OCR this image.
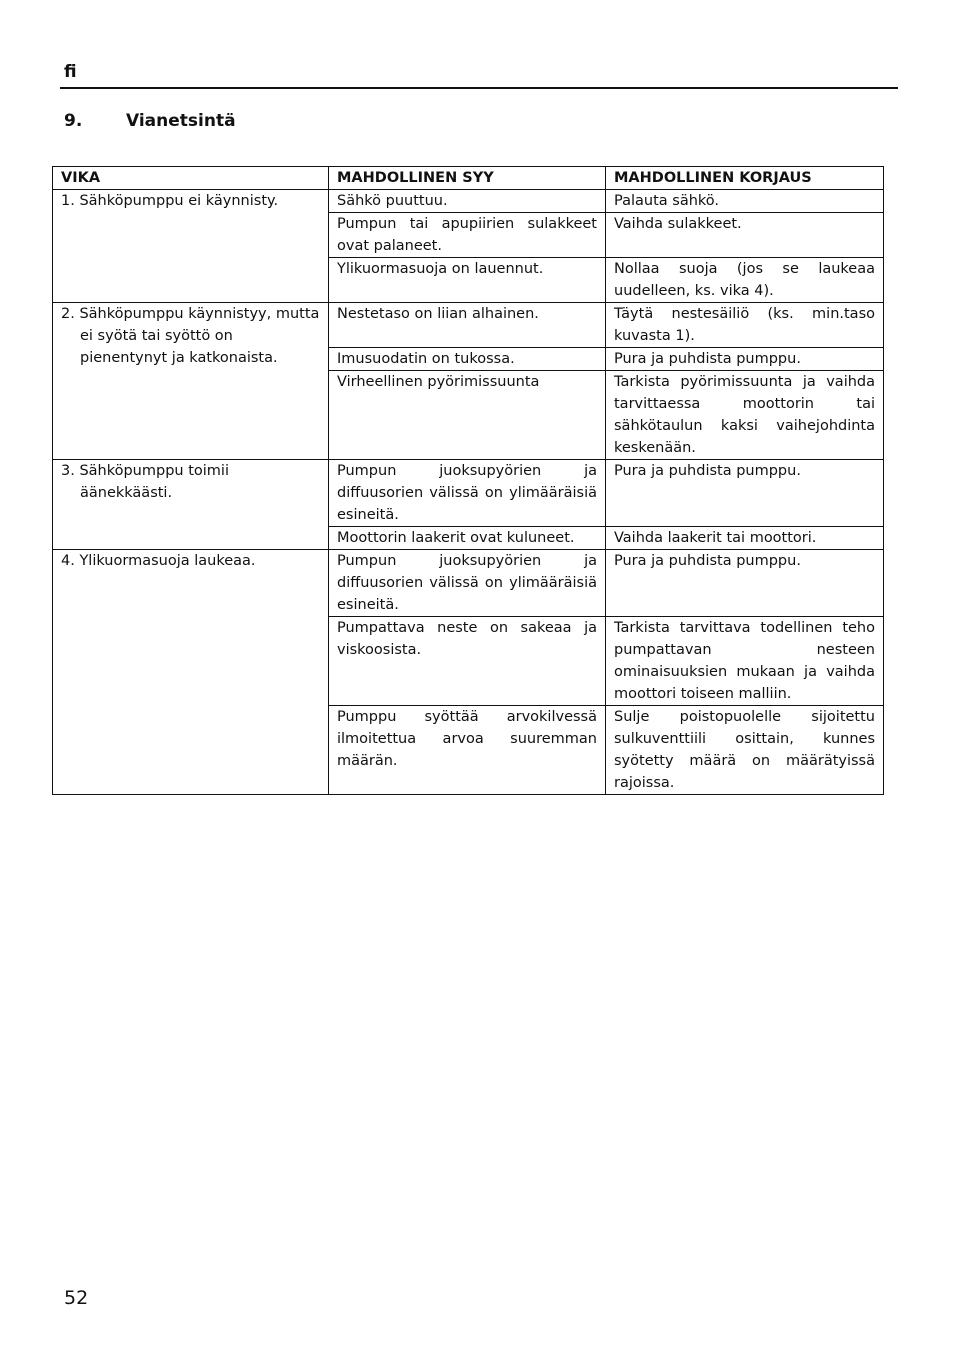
fi
9.	Vianetsintä
VIKA	MAHDOLLINEN SYY	MAHDOLLINEN KORJAUS

1. Sähköpumppu ei käynnisty.	Sähkö puuttuu.	Palauta sähkö.
	Pumpun tai apupiirien sulakkeet ovat palaneet.	Vaihda sulakkeet.
	Ylikuormasuoja on lauennut.	Nollaa suoja (jos se laukeaa uudelleen, ks. vika 4).

2. Sähköpumppu käynnistyy, mutta ei syötä tai syöttö on pienentynyt ja katkonaista.	Nestetaso on liian alhainen.	Täytä nestesäiliö (ks. min.taso kuvasta 1).
	Imusuodatin on tukossa.	Pura ja puhdista pumppu.
	Virheellinen pyörimissuunta	Tarkista pyörimissuunta ja vaihda tarvittaessa moottorin tai sähkötaulun kaksi vaihejohdinta keskenään.

3. Sähköpumppu toimii äänekkäästi.	Pumpun juoksupyörien ja diffuusorien välissä on ylimääräisiä esineitä.	Pura ja puhdista pumppu.
	Moottorin laakerit ovat kuluneet.	Vaihda laakerit tai moottori.

4. Ylikuormasuoja laukeaa.	Pumpun juoksupyörien ja diffuusorien välissä on ylimääräisiä esineitä.	Pura ja puhdista pumppu.
	Pumpattava neste on sakeaa ja viskoosista.	Tarkista tarvittava todellinen teho pumpattavan nesteen ominaisuuksien mukaan ja vaihda moottori toiseen malliin.
	Pumppu syöttää arvokilvessä ilmoitettua arvoa suuremman määrän.	Sulje poistopuolelle sijoitettu sulkuventtiili osittain, kunnes syötetty määrä on määrätyissä rajoissa.
52
